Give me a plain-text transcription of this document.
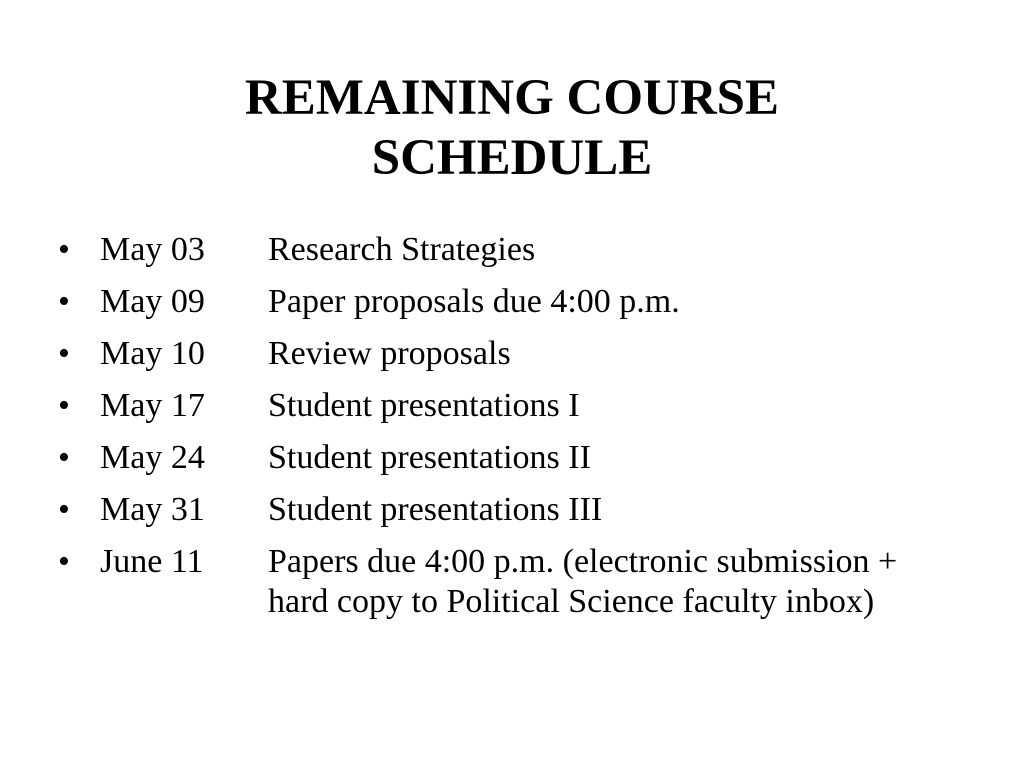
REMAINING COURSE
SCHEDULE
• May 03	Research Strategies
• May 09	Paper proposals due 4:00 p.m.
• May 10	Review proposals
• May 17	Student presentations I
• May 24	Student presentations II
• May 31	Student presentations III
• June 11	Papers due 4:00 p.m. (electronic submission + hard copy to Political Science faculty inbox)
